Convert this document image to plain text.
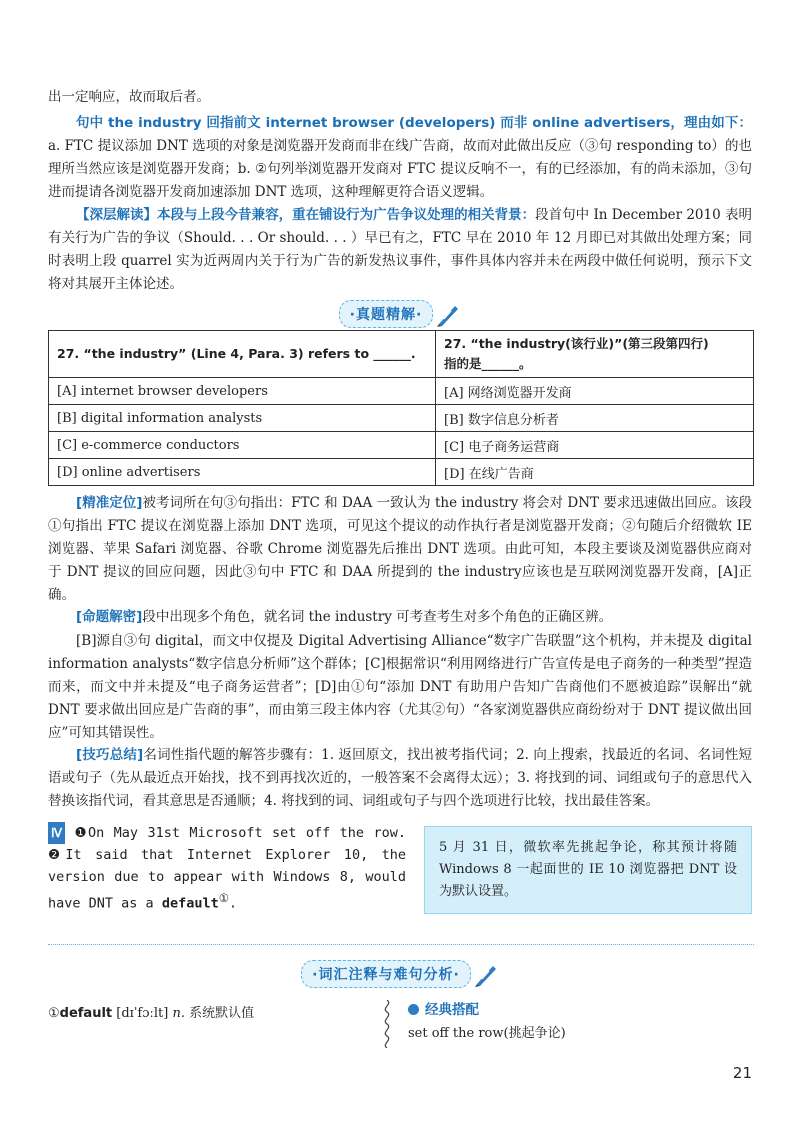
出一定响应，故而取后者。

句中 the industry 回指前文 internet browser (developers) 而非 online advertisers，理由如下：a. FTC 提议添加 DNT 选项的对象是浏览器开发商而非在线广告商，故而对此做出反应（③句 responding to）的也理所当然应该是浏览器开发商；b. ②句列举浏览器开发商对 FTC 提议反响不一，有的已经添加，有的尚未添加，③句进而提请各浏览器开发商加速添加 DNT 选项，这种理解更符合语义逻辑。

【深层解读】本段与上段今昔兼容，重在铺设行为广告争议处理的相关背景：段首句中 In December 2010 表明有关行为广告的争议（Should. . . Or should. . . ）早已有之，FTC 早在 2010 年 12 月即已对其做出处理方案；同时表明上段 quarrel 实为近两周内关于行为广告的新发热议事件，事件具体内容并未在两段中做任何说明，预示下文将对其展开主体论述。

·真题精解·
27. “the industry” (Line 4, Para. 3) refers to ______.	27. “the industry(该行业)”(第三段第四行)
指的是______。
[A] internet browser developers	[A] 网络浏览器开发商
[B] digital information analysts	[B] 数字信息分析者
[C] e-commerce conductors	[C] 电子商务运营商
[D] online advertisers	[D] 在线广告商

[精准定位]被考词所在句③句指出：FTC 和 DAA 一致认为 the industry 将会对 DNT 要求迅速做出回应。该段①句指出 FTC 提议在浏览器上添加 DNT 选项，可见这个提议的动作执行者是浏览器开发商；②句随后介绍微软 IE 浏览器、苹果 Safari 浏览器、谷歌 Chrome 浏览器先后推出 DNT 选项。由此可知，本段主要谈及浏览器供应商对于 DNT 提议的回应问题，因此③句中 FTC 和 DAA 所提到的 the industry应该也是互联网浏览器开发商，[A]正确。

[命题解密]段中出现多个角色，就名词 the industry 可考查考生对多个角色的正确区辨。

[B]源自③句 digital，而文中仅提及 Digital Advertising Alliance“数字广告联盟”这个机构，并未提及 digital information analysts“数字信息分析师”这个群体；[C]根据常识“利用网络进行广告宣传是电子商务的一种类型”捏造而来，而文中并未提及“电子商务运营者”；[D]由①句“添加 DNT 有助用户告知广告商他们不愿被追踪”误解出“就 DNT 要求做出回应是广告商的事”，而由第三段主体内容（尤其②句）“各家浏览器供应商纷纷对于 DNT 提议做出回应”可知其错误性。

[技巧总结]名词性指代题的解答步骤有：1. 返回原文，找出被考指代词；2. 向上搜索，找最近的名词、名词性短语或句子（先从最近点开始找，找不到再找次近的，一般答案不会离得太远）；3. 将找到的词、词组或句子的意思代入替换该指代词，看其意思是否通顺；4. 将找到的词、词组或句子与四个选项进行比较，找出最佳答案。

Ⅳ ❶On May 31st Microsoft set off the row. ❷It said that Internet Explorer 10, the version due to appear with Windows 8, would have DNT as a default①.
5 月 31 日，微软率先挑起争论，称其预计将随 Windows 8 一起面世的 IE 10 浏览器把 DNT 设为默认设置。
·词汇注释与难句分析·
①default [dɪˈfɔːlt] n. 系统默认值	经典搭配
set off the row(挑起争论)
21
